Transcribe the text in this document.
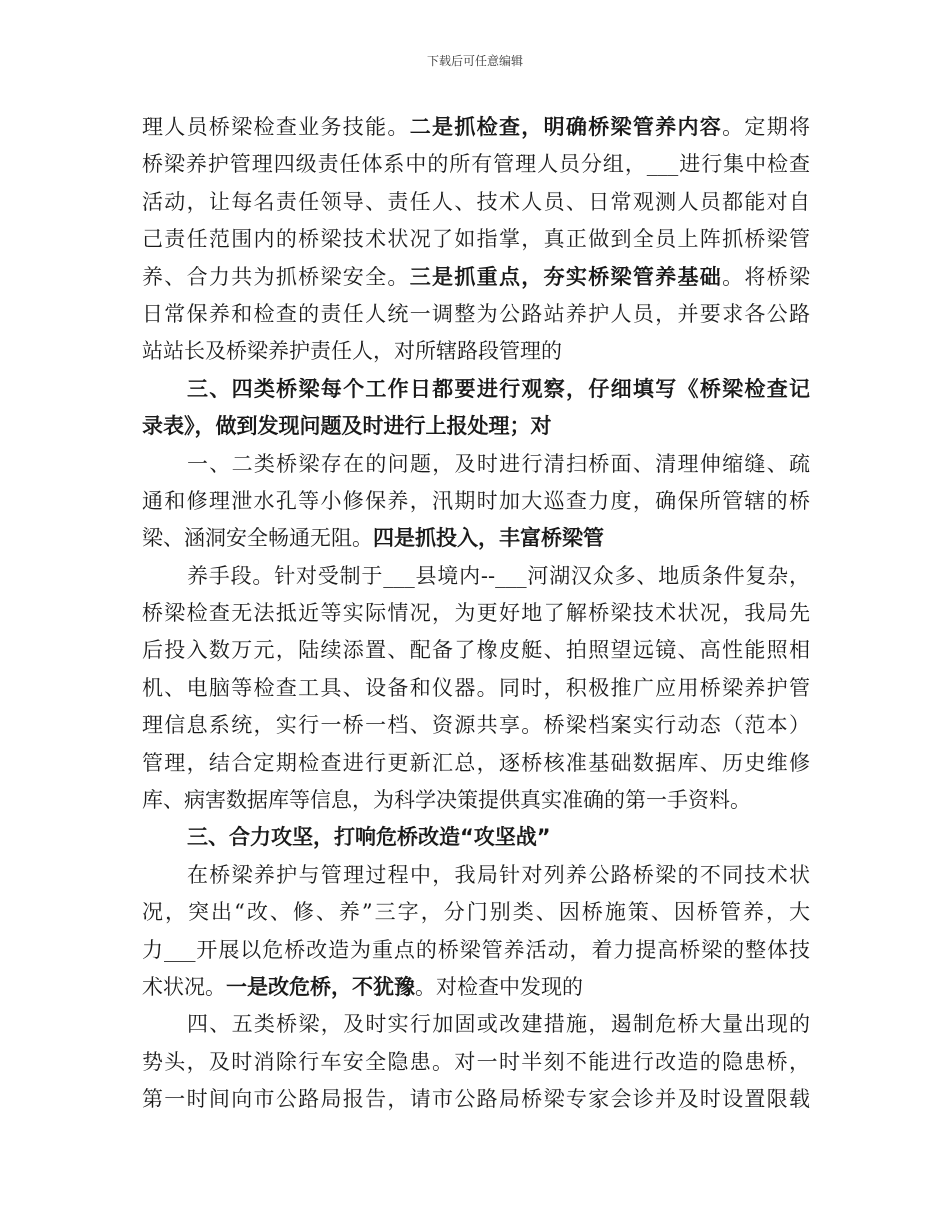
下载后可任意编辑
理人员桥梁检查业务技能。二是抓检查，明确桥梁管养内容。定期将
桥梁养护管理四级责任体系中的所有管理人员分组，___进行集中检查
活动，让每名责任领导、责任人、技术人员、日常观测人员都能对自
己责任范围内的桥梁技术状况了如指掌，真正做到全员上阵抓桥梁管
养、合力共为抓桥梁安全。三是抓重点，夯实桥梁管养基础。将桥梁
日常保养和检查的责任人统一调整为公路站养护人员，并要求各公路
站站长及桥梁养护责任人，对所辖路段管理的
三、四类桥梁每个工作日都要进行观察，仔细填写《桥梁检查记
录表》，做到发现问题及时进行上报处理；对
一、二类桥梁存在的问题，及时进行清扫桥面、清理伸缩缝、疏
通和修理泄水孔等小修保养，汛期时加大巡查力度，确保所管辖的桥
梁、涵洞安全畅通无阻。四是抓投入，丰富桥梁管
养手段。针对受制于___县境内--___河湖汉众多、地质条件复杂，
桥梁检查无法抵近等实际情况，为更好地了解桥梁技术状况，我局先
后投入数万元，陆续添置、配备了橡皮艇、拍照望远镜、高性能照相
机、电脑等检查工具、设备和仪器。同时，积极推广应用桥梁养护管
理信息系统，实行一桥一档、资源共享。桥梁档案实行动态（范本）
管理，结合定期检查进行更新汇总，逐桥核准基础数据库、历史维修
库、病害数据库等信息，为科学决策提供真实准确的第一手资料。
三、合力攻坚，打响危桥改造“攻坚战”
在桥梁养护与管理过程中，我局针对列养公路桥梁的不同技术状
况，突出“改、修、养”三字，分门别类、因桥施策、因桥管养，大
力___开展以危桥改造为重点的桥梁管养活动，着力提高桥梁的整体技
术状况。一是改危桥，不犹豫。对检查中发现的
四、五类桥梁，及时实行加固或改建措施，遏制危桥大量出现的
势头，及时消除行车安全隐患。对一时半刻不能进行改造的隐患桥，
第一时间向市公路局报告，请市公路局桥梁专家会诊并及时设置限载
